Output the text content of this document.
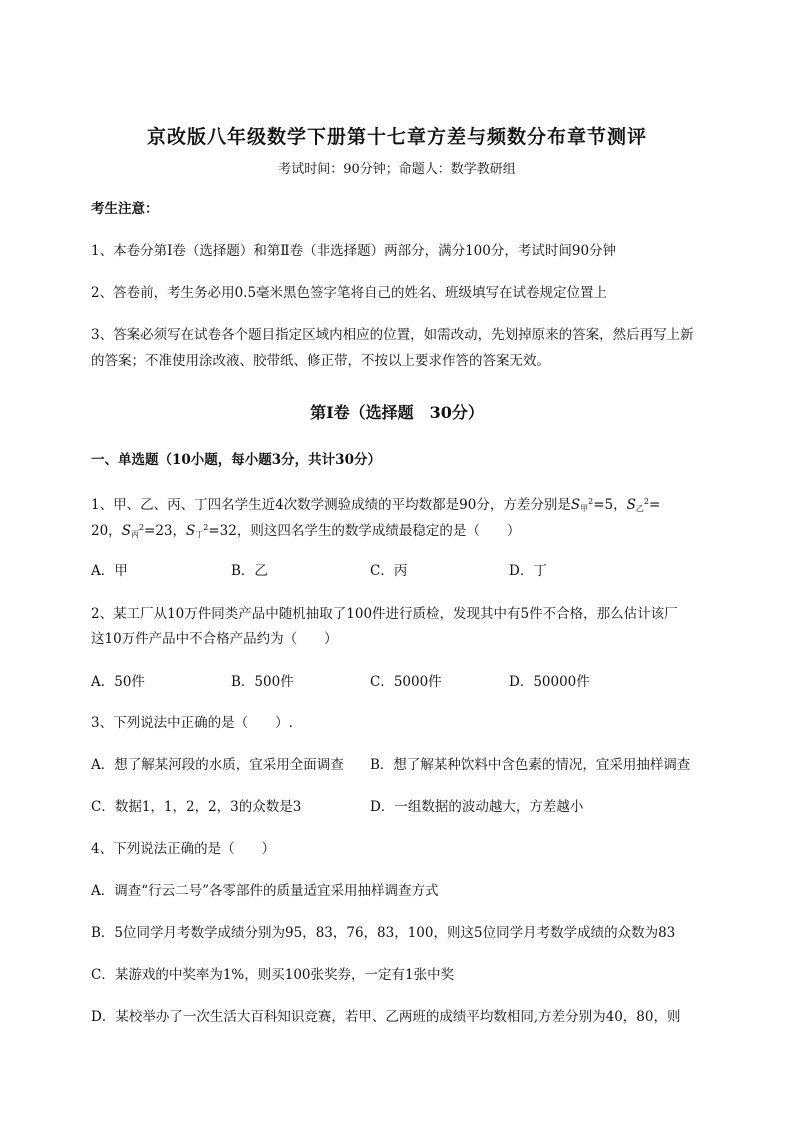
京改版八年级数学下册第十七章方差与频数分布章节测评
考试时间：90分钟；命题人：数学教研组
考生注意：
1、本卷分第I卷（选择题）和第Ⅱ卷（非选择题）两部分，满分100分，考试时间90分钟
2、答卷前，考生务必用0.5毫米黑色签字笔将自己的姓名、班级填写在试卷规定位置上
3、答案必须写在试卷各个题目指定区域内相应的位置，如需改动，先划掉原来的答案，然后再写上新
的答案；不准使用涂改液、胶带纸、修正带，不按以上要求作答的答案无效。
第I卷（选择题　30分）
一、单选题（10小题，每小题3分，共计30分）
1、甲、乙、丙、丁四名学生近4次数学测验成绩的平均数都是90分，方差分别是$S_甲^2=5$，$S_乙^2=$
20，$S_丙^2=23$，$S_丁^2=32$，则这四名学生的数学成绩最稳定的是（　　）
A．甲	B．乙	C．丙	D．丁
2、某工厂从10万件同类产品中随机抽取了100件进行质检，发现其中有5件不合格，那么估计该厂
这10万件产品中不合格产品约为（　　）
A．50件	B．500件	C．5000件	D．50000件
3、下列说法中正确的是（　　）.
A．想了解某河段的水质，宜采用全面调查 B．想了解某种饮料中含色素的情况，宜采用抽样调查
C．数据1，1，2，2，3的众数是3	D．一组数据的波动越大，方差越小
4、下列说法正确的是（　　）
A．调查“行云二号”各零部件的质量适宜采用抽样调查方式
B．5位同学月考数学成绩分别为95，83，76，83，100，则这5位同学月考数学成绩的众数为83
C．某游戏的中奖率为1%，则买100张奖券，一定有1张中奖
D．某校举办了一次生活大百科知识竞赛，若甲、乙两班的成绩平均数相同,方差分别为40，80，则
